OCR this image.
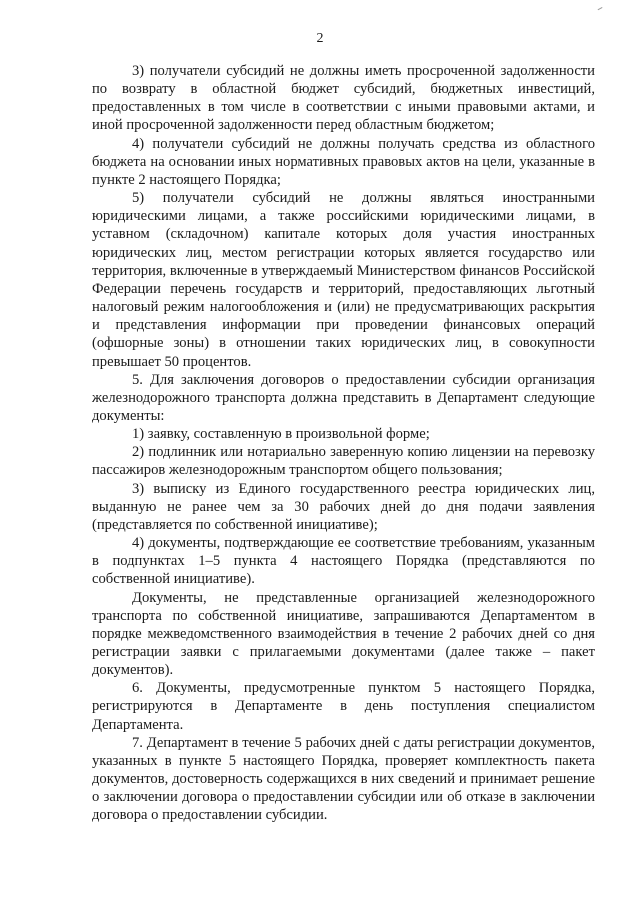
2

3) получатели субсидий не должны иметь просроченной задолженности по возврату в областной бюджет субсидий, бюджетных инвестиций, предоставленных в том числе в соответствии с иными правовыми актами, и иной просроченной задолженности перед областным бюджетом;

4) получатели субсидий не должны получать средства из областного бюджета на основании иных нормативных правовых актов на цели, указанные в пункте 2 настоящего Порядка;

5) получатели субсидий не должны являться иностранными юридическими лицами, а также российскими юридическими лицами, в уставном (складочном) капитале которых доля участия иностранных юридических лиц, местом регистрации которых является государство или территория, включенные в утверждаемый Министерством финансов Российской Федерации перечень государств и территорий, предоставляющих льготный налоговый режим налогообложения и (или) не предусматривающих раскрытия и представления информации при проведении финансовых операций (офшорные зоны) в отношении таких юридических лиц, в совокупности превышает 50 процентов.

5. Для заключения договоров о предоставлении субсидии организация железнодорожного транспорта должна представить в Департамент следующие документы:

1) заявку, составленную в произвольной форме;

2) подлинник или нотариально заверенную копию лицензии на перевозку пассажиров железнодорожным транспортом общего пользования;

3) выписку из Единого государственного реестра юридических лиц, выданную не ранее чем за 30 рабочих дней до дня подачи заявления (представляется по собственной инициативе);

4) документы, подтверждающие ее соответствие требованиям, указанным в подпунктах 1–5 пункта 4 настоящего Порядка (представляются по собственной инициативе).

Документы, не представленные организацией железнодорожного транспорта по собственной инициативе, запрашиваются Департаментом в порядке межведомственного взаимодействия в течение 2 рабочих дней со дня регистрации заявки с прилагаемыми документами (далее также – пакет документов).

6. Документы, предусмотренные пунктом 5 настоящего Порядка, регистрируются в Департаменте в день поступления специалистом Департамента.

7. Департамент в течение 5 рабочих дней с даты регистрации документов, указанных в пункте 5 настоящего Порядка, проверяет комплектность пакета документов, достоверность содержащихся в них сведений и принимает решение о заключении договора о предоставлении субсидии или об отказе в заключении договора о предоставлении субсидии.
